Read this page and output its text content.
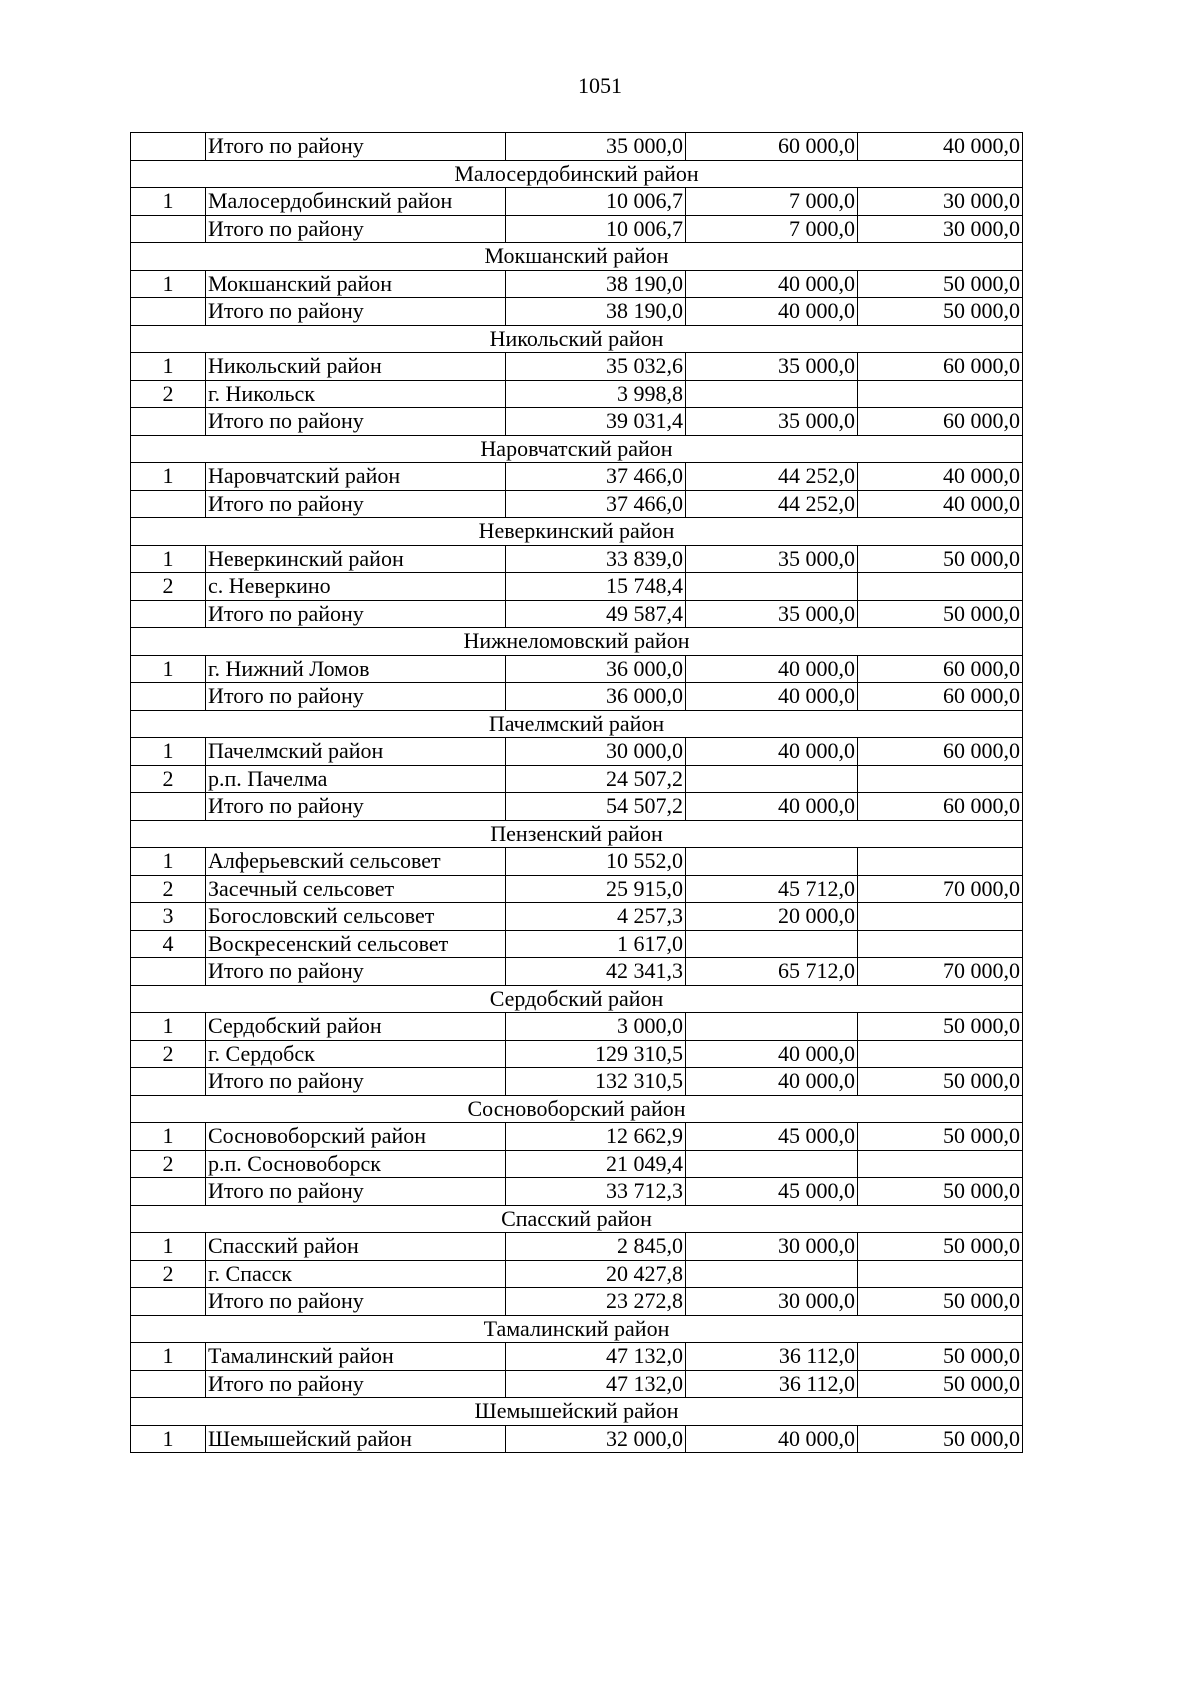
1051
	Итого по району	35 000,0	60 000,0	40 000,0
Малосердобинский район				
1	Малосердобинский район	10 006,7	7 000,0	30 000,0
	Итого по району	10 006,7	7 000,0	30 000,0
Мокшанский район				
1	Мокшанский район	38 190,0	40 000,0	50 000,0
	Итого по району	38 190,0	40 000,0	50 000,0
Никольский район				
1	Никольский район	35 032,6	35 000,0	60 000,0
2	г. Никольск	3 998,8		
	Итого по району	39 031,4	35 000,0	60 000,0
Наровчатский район				
1	Наровчатский район	37 466,0	44 252,0	40 000,0
	Итого по району	37 466,0	44 252,0	40 000,0
Неверкинский район				
1	Неверкинский район	33 839,0	35 000,0	50 000,0
2	с. Неверкино	15 748,4		
	Итого по району	49 587,4	35 000,0	50 000,0
Нижнеломовский район				
1	г. Нижний Ломов	36 000,0	40 000,0	60 000,0
	Итого по району	36 000,0	40 000,0	60 000,0
Пачелмский район				
1	Пачелмский район	30 000,0	40 000,0	60 000,0
2	р.п. Пачелма	24 507,2		
	Итого по району	54 507,2	40 000,0	60 000,0
Пензенский район				
1	Алферьевский сельсовет	10 552,0		
2	Засечный сельсовет	25 915,0	45 712,0	70 000,0
3	Богословский сельсовет	4 257,3	20 000,0	
4	Воскресенский сельсовет	1 617,0		
	Итого по району	42 341,3	65 712,0	70 000,0
Сердобский район				
1	Сердобский район	3 000,0		50 000,0
2	г. Сердобск	129 310,5	40 000,0	
	Итого по району	132 310,5	40 000,0	50 000,0
Сосновоборский район				
1	Сосновоборский район	12 662,9	45 000,0	50 000,0
2	р.п. Сосновоборск	21 049,4		
	Итого по району	33 712,3	45 000,0	50 000,0
Спасский район				
1	Спасский район	2 845,0	30 000,0	50 000,0
2	г. Спасск	20 427,8		
	Итого по району	23 272,8	30 000,0	50 000,0
Тамалинский район				
1	Тамалинский район	47 132,0	36 112,0	50 000,0
	Итого по району	47 132,0	36 112,0	50 000,0
Шемышейский район				
1	Шемышейский район	32 000,0	40 000,0	50 000,0
